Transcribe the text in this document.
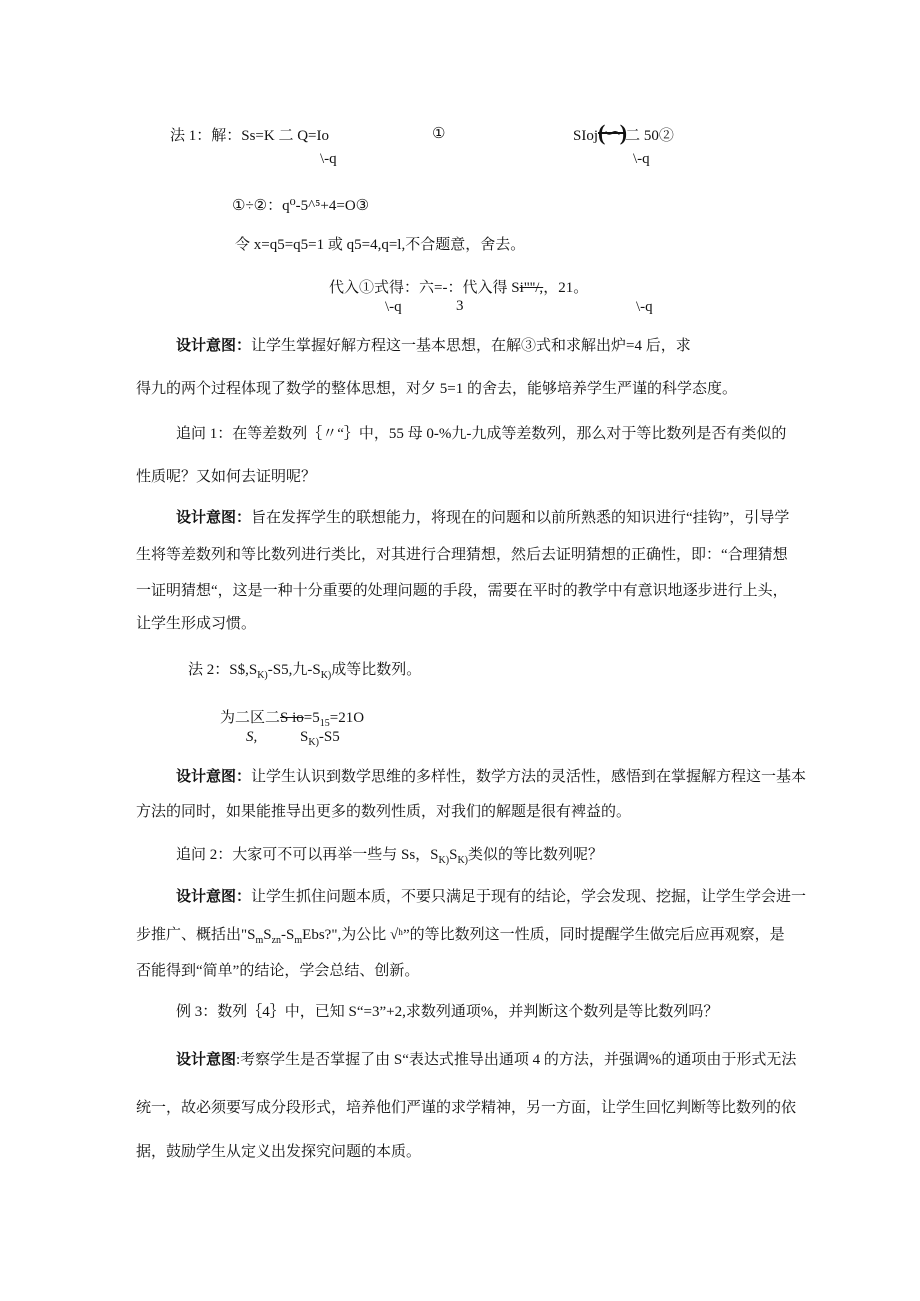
法 1：解：Ss=K 二 Q=Io	①	SIoj(∽)二 50②
\-q	\-q
①÷②：q⁰-5^⁵+4=O③
令 x=q5=q5=1 或 q5=4,q=l,不合题意，舍去。
代入①式得：六=-：代入得 Si"''/,，21。
\-q	3	\-q
设计意图：让学生掌握好解方程这一基本思想，在解③式和求解出炉=4 后，求
得九的两个过程体现了数学的整体思想，对夕 5=1 的舍去，能够培养学生严谨的科学态度。
追问 1：在等差数列｛〃“｝中，55 母 0-%九-九成等差数列，那么对于等比数列是否有类似的
性质呢？又如何去证明呢？
设计意图：旨在发挥学生的联想能力，将现在的问题和以前所熟悉的知识进行“挂钩”，引导学
生将等差数列和等比数列进行类比，对其进行合理猜想，然后去证明猜想的正确性，即：“合理猜想
一证明猜想“，这是一种十分重要的处理问题的手段，需要在平时的教学中有意识地逐步进行上头，
让学生形成习惯。
法 2：$S\$,S_{K)}-S5$,九$-S_{K)}$成等比数列。
为二区二S $io=5_{15}=21O$
S,	$S_{K)}-S5$
设计意图：让学生认识到数学思维的多样性，数学方法的灵活性，感悟到在掌握解方程这一基本
方法的同时，如果能推导出更多的数列性质，对我们的解题是很有裨益的。
追问 2：大家可不可以再举一些与 Ss，$S_{K)}S_{K)}$类似的等比数列呢？
设计意图：让学生抓住问题本质，不要只满足于现有的结论，学会发现、挖掘，让学生学会进一
步推广、概括出"$S_mS_{zn}-S_mEbs$?",为公比 √ʰ”的等比数列这一性质，同时提醒学生做完后应再观察，是
否能得到“简单”的结论，学会总结、创新。
例 3：数列｛4｝中，已知 S“=3”+2,求数列通项%，并判断这个数列是等比数列吗？
设计意图:考察学生是否掌握了由 S“表达式推导出通项 4 的方法，并强调%的通项由于形式无法
统一，故必须要写成分段形式，培养他们严谨的求学精神，另一方面，让学生回忆判断等比数列的依
据，鼓励学生从定义出发探究问题的本质。
